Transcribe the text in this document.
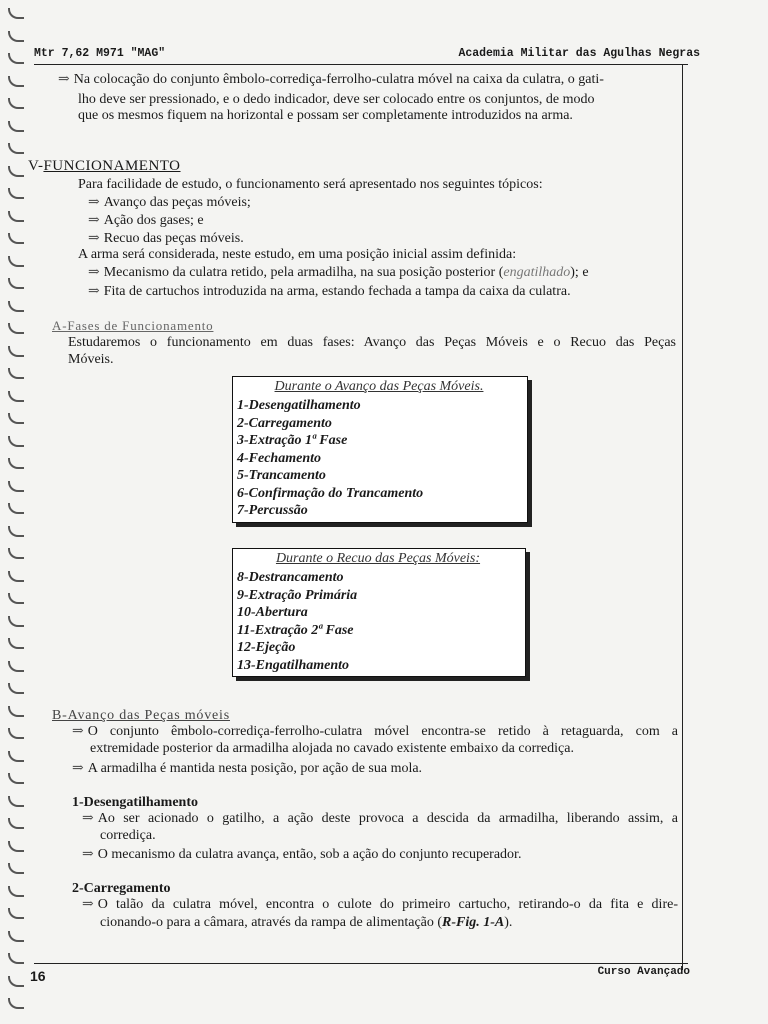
Mtr 7,62 M971 "MAG"	Academia Militar das Agulhas Negras
⇒ Na colocação do conjunto êmbolo-corrediça-ferrolho-culatra móvel na caixa da culatra, o gati-
lho deve ser pressionado, e o dedo indicador, deve ser colocado entre os conjuntos, de modo
que os mesmos fiquem na horizontal e possam ser completamente introduzidos na arma.
V-FUNCIONAMENTO
Para facilidade de estudo, o funcionamento será apresentado nos seguintes tópicos:
⇒ Avanço das peças móveis;
⇒ Ação dos gases; e
⇒ Recuo das peças móveis.
A arma será considerada, neste estudo, em uma posição inicial assim definida:
⇒ Mecanismo da culatra retido, pela armadilha, na sua posição posterior (engatilhado); e
⇒ Fita de cartuchos introduzida na arma, estando fechada a tampa da caixa da culatra.
A-Fases de Funcionamento
Estudaremos o funcionamento em duas fases: Avanço das Peças Móveis e o Recuo das Peças
Móveis.
Durante o Avanço das Peças Móveis.
1-Desengatilhamento
2-Carregamento
3-Extração 1ª Fase
4-Fechamento
5-Trancamento
6-Confirmação do Trancamento
7-Percussão
Durante o Recuo das Peças Móveis:
8-Destrancamento
9-Extração Primária
10-Abertura
11-Extração 2ª Fase
12-Ejeção
13-Engatilhamento
B-Avanço das Peças móveis
⇒ O conjunto êmbolo-corrediça-ferrolho-culatra móvel encontra-se retido à retaguarda, com a
extremidade posterior da armadilha alojada no cavado existente embaixo da corrediça.
⇒ A armadilha é mantida nesta posição, por ação de sua mola.
1-Desengatilhamento
⇒ Ao ser acionado o gatilho, a ação deste provoca a descida da armadilha, liberando assim, a
corrediça.
⇒ O mecanismo da culatra avança, então, sob a ação do conjunto recuperador.
2-Carregamento
⇒ O talão da culatra móvel, encontra o culote do primeiro cartucho, retirando-o da fita e dire-
cionando-o para a câmara, através da rampa de alimentação (R-Fig. 1-A).
16	Curso Avançado
